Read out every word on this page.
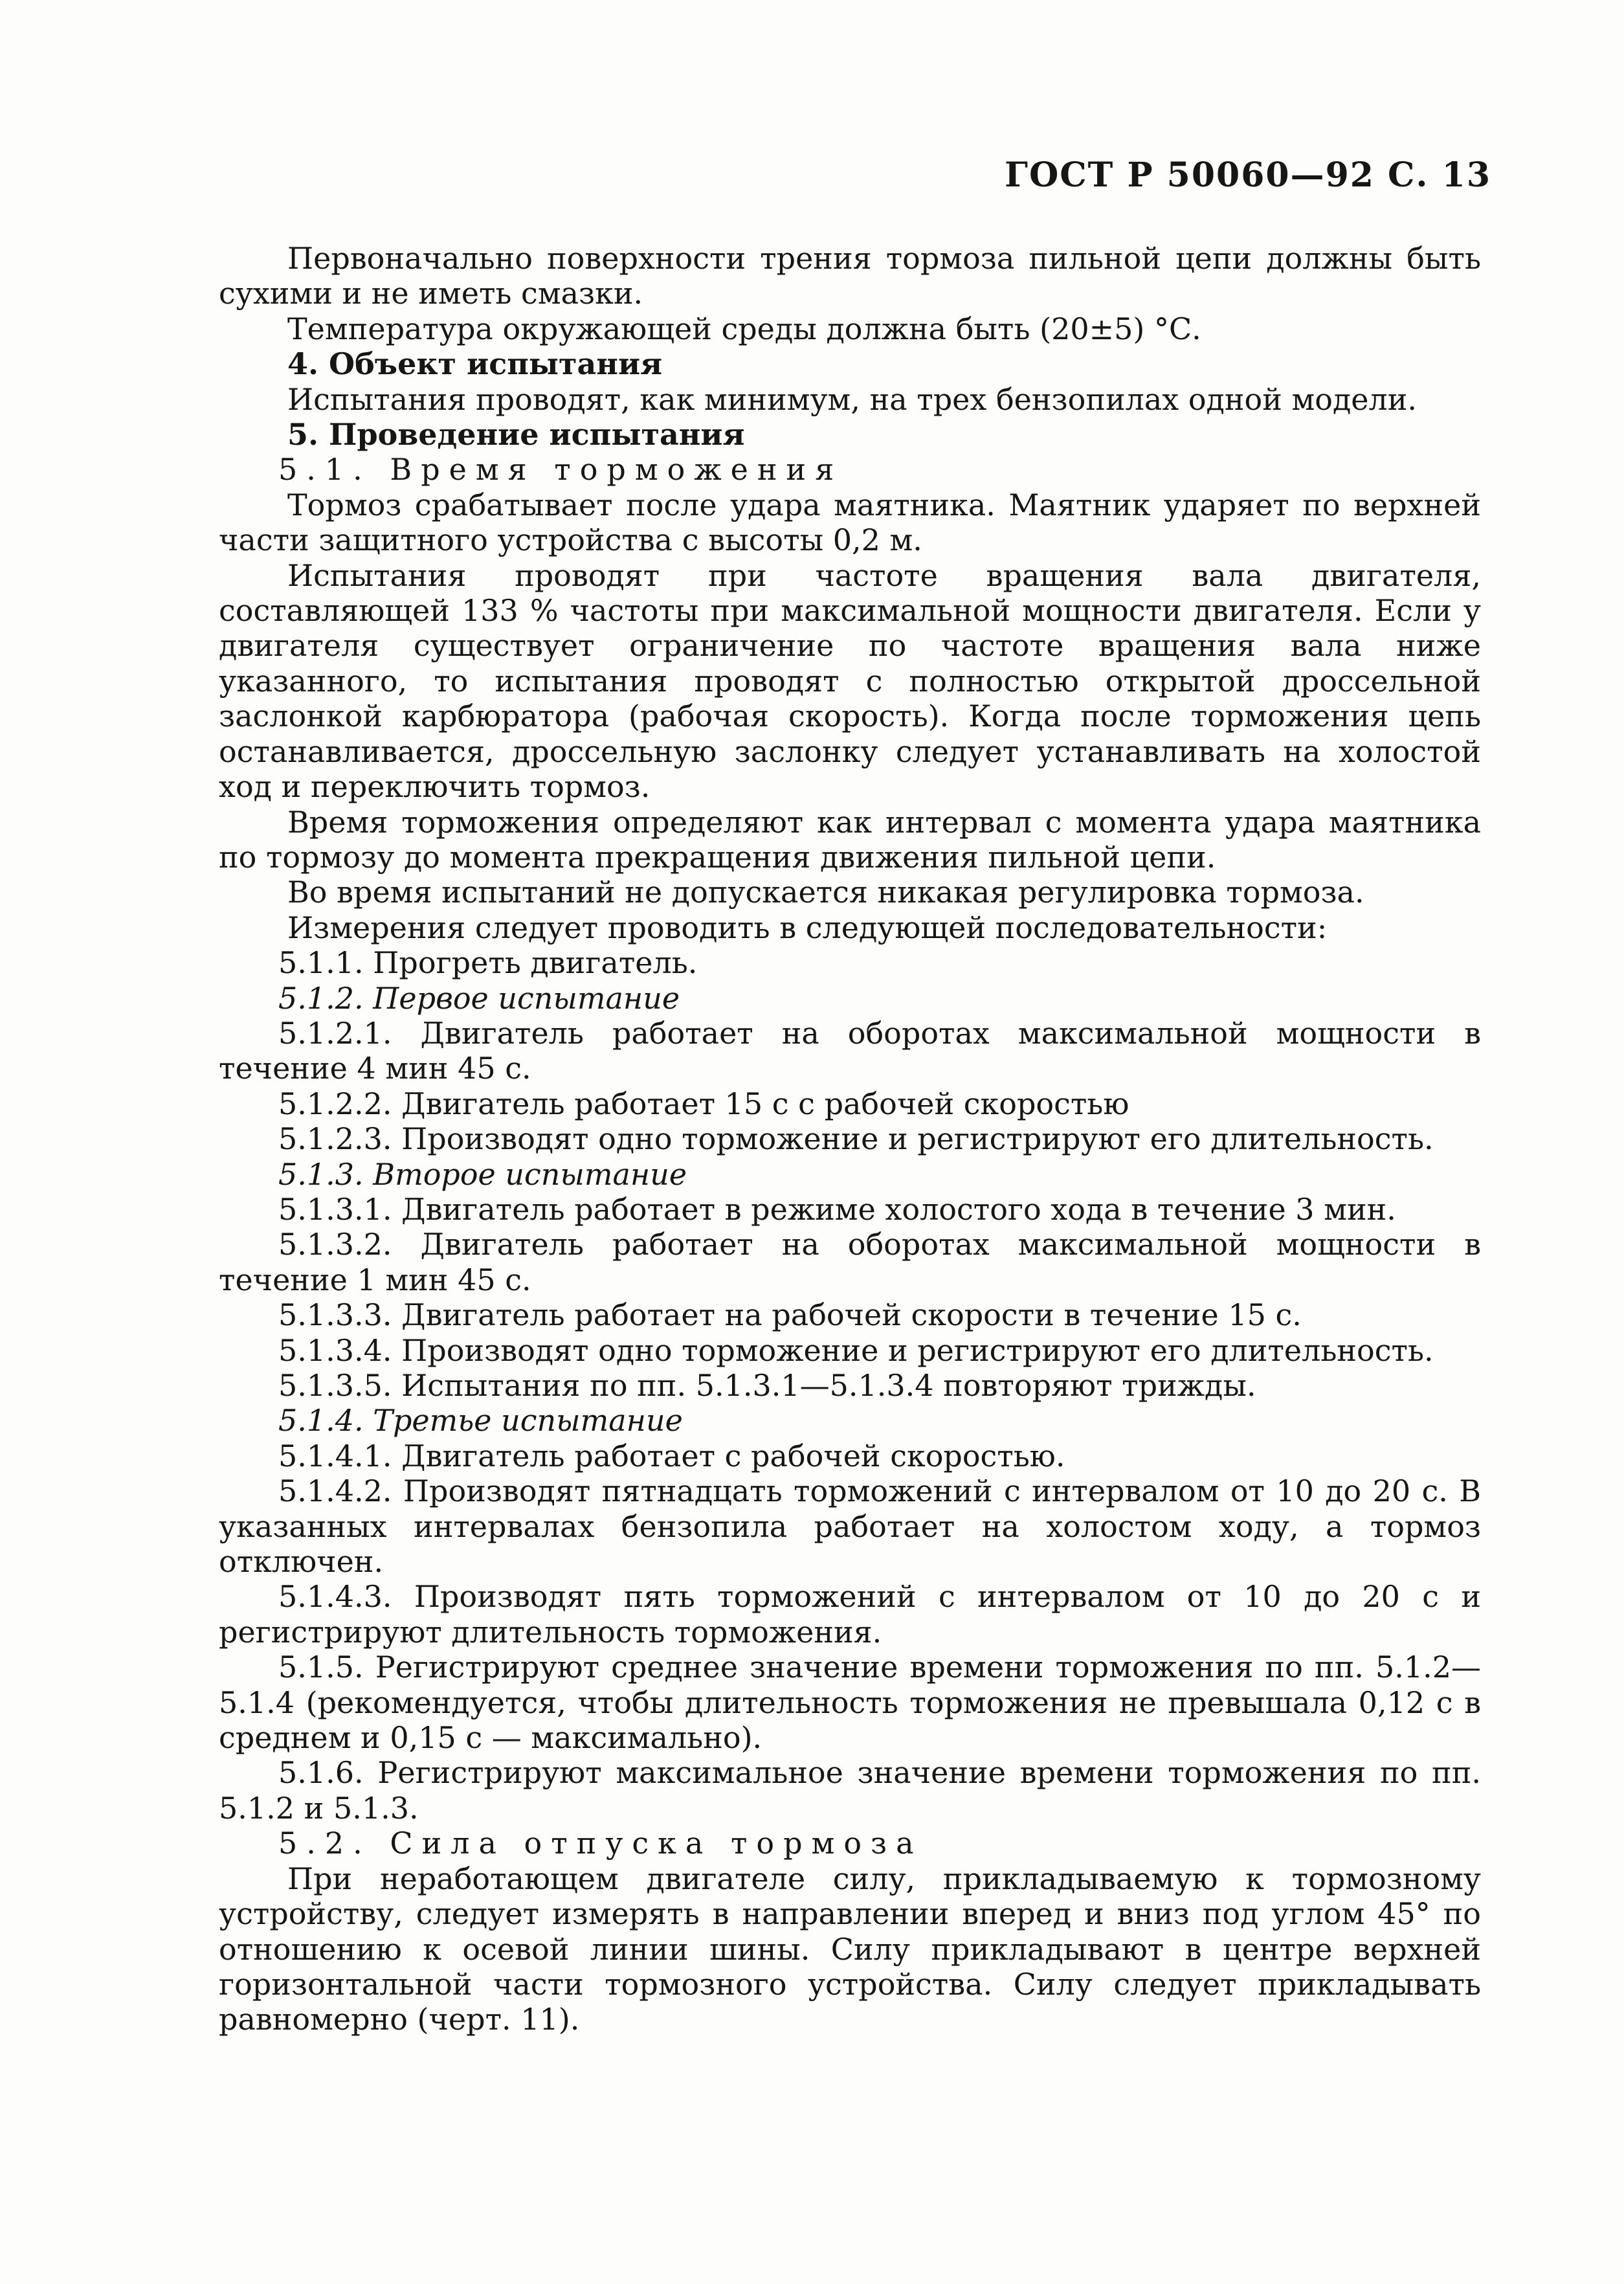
ГОСТ Р 50060—92 С. 13

Первоначально поверхности трения тормоза пильной цепи должны быть сухими и не иметь смазки.

Температура окружающей среды должна быть (20±5) °С.

4. Объект испытания

Испытания проводят, как минимум, на трех бензопилах одной модели.

5. Проведение испытания

5.1. Время торможения

Тормоз срабатывает после удара маятника. Маятник ударяет по верхней части защитного устройства с высоты 0,2 м.

Испытания проводят при частоте вращения вала двигателя, составляющей 133 % частоты при максимальной мощности двигателя. Если у двигателя существует ограничение по частоте вращения вала ниже указанного, то испытания проводят с полностью открытой дроссельной заслонкой карбюратора (рабочая скорость). Когда после торможения цепь останавливается, дроссельную заслонку следует устанавливать на холостой ход и переключить тормоз.

Время торможения определяют как интервал с момента удара маятника по тормозу до момента прекращения движения пильной цепи.

Во время испытаний не допускается никакая регулировка тормоза.

Измерения следует проводить в следующей последовательности:

5.1.1. Прогреть двигатель.

5.1.2. Первое испытание

5.1.2.1. Двигатель работает на оборотах максимальной мощности в течение 4 мин 45 с.

5.1.2.2. Двигатель работает 15 с с рабочей скоростью

5.1.2.3. Производят одно торможение и регистрируют его длительность.

5.1.3. Второе испытание

5.1.3.1. Двигатель работает в режиме холостого хода в течение 3 мин.

5.1.3.2. Двигатель работает на оборотах максимальной мощности в течение 1 мин 45 с.

5.1.3.3. Двигатель работает на рабочей скорости в течение 15 с.

5.1.3.4. Производят одно торможение и регистрируют его длительность.

5.1.3.5. Испытания по пп. 5.1.3.1—5.1.3.4 повторяют трижды.

5.1.4. Третье испытание

5.1.4.1. Двигатель работает с рабочей скоростью.

5.1.4.2. Производят пятнадцать торможений с интервалом от 10 до 20 с. В указанных интервалах бензопила работает на холостом ходу, а тормоз отключен.

5.1.4.3. Производят пять торможений с интервалом от 10 до 20 с и регистрируют длительность торможения.

5.1.5. Регистрируют среднее значение времени торможения по пп. 5.1.2—5.1.4 (рекомендуется, чтобы длительность торможения не превышала 0,12 с в среднем и 0,15 с — максимально).

5.1.6. Регистрируют максимальное значение времени торможения по пп. 5.1.2 и 5.1.3.

5.2. Сила отпуска тормоза

При неработающем двигателе силу, прикладываемую к тормозному устройству, следует измерять в направлении вперед и вниз под углом 45° по отношению к осевой линии шины. Силу прикладывают в центре верхней горизонтальной части тормозного устройства. Силу следует прикладывать равномерно (черт. 11).
